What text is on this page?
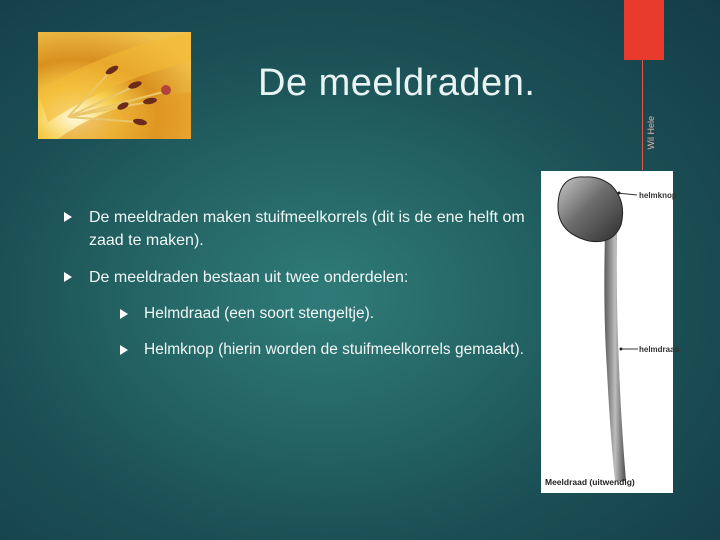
De meeldraden.
Wil Hele
De meeldraden maken stuifmeelkorrels (dit is de ene helft om zaad te maken).
De meeldraden bestaan uit twee onderdelen:
Helmdraad (een soort stengeltje).
Helmknop (hierin worden de stuifmeelkorrels gemaakt).
helmknop
helmdraad
Meeldraad (uitwendig)
